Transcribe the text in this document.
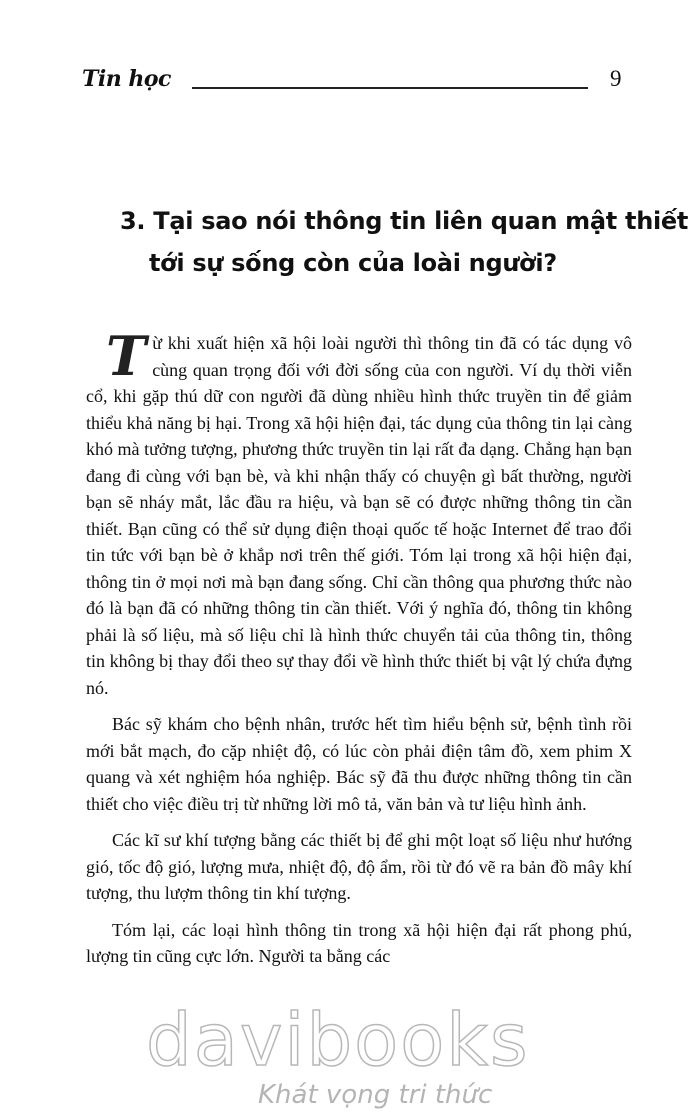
Tin học	9
3. Tại sao nói thông tin liên quan mật thiết
tới sự sống còn của loài người?

Từ khi xuất hiện xã hội loài người thì thông tin đã có tác dụng vô cùng quan trọng đối với đời sống của con người. Ví dụ thời viễn cổ, khi gặp thú dữ con người đã dùng nhiều hình thức truyền tin để giảm thiểu khả năng bị hại. Trong xã hội hiện đại, tác dụng của thông tin lại càng khó mà tưởng tượng, phương thức truyền tin lại rất đa dạng. Chẳng hạn bạn đang đi cùng với bạn bè, và khi nhận thấy có chuyện gì bất thường, người bạn sẽ nháy mắt, lắc đầu ra hiệu, và bạn sẽ có được những thông tin cần thiết. Bạn cũng có thể sử dụng điện thoại quốc tế hoặc Internet để trao đổi tin tức với bạn bè ở khắp nơi trên thế giới. Tóm lại trong xã hội hiện đại, thông tin ở mọi nơi mà bạn đang sống. Chỉ cần thông qua phương thức nào đó là bạn đã có những thông tin cần thiết. Với ý nghĩa đó, thông tin không phải là số liệu, mà số liệu chỉ là hình thức chuyển tải của thông tin, thông tin không bị thay đổi theo sự thay đổi về hình thức thiết bị vật lý chứa đựng nó.

Bác sỹ khám cho bệnh nhân, trước hết tìm hiểu bệnh sử, bệnh tình rồi mới bắt mạch, đo cặp nhiệt độ, có lúc còn phải điện tâm đồ, xem phim X quang và xét nghiệm hóa nghiệp. Bác sỹ đã thu được những thông tin cần thiết cho việc điều trị từ những lời mô tả, văn bản và tư liệu hình ảnh.

Các kĩ sư khí tượng bằng các thiết bị để ghi một loạt số liệu như hướng gió, tốc độ gió, lượng mưa, nhiệt độ, độ ẩm, rồi từ đó vẽ ra bản đồ mây khí tượng, thu lượm thông tin khí tượng.

Tóm lại, các loại hình thông tin trong xã hội hiện đại rất phong phú, lượng tin cũng cực lớn. Người ta bằng các

davibooks
Khát vọng tri thức
